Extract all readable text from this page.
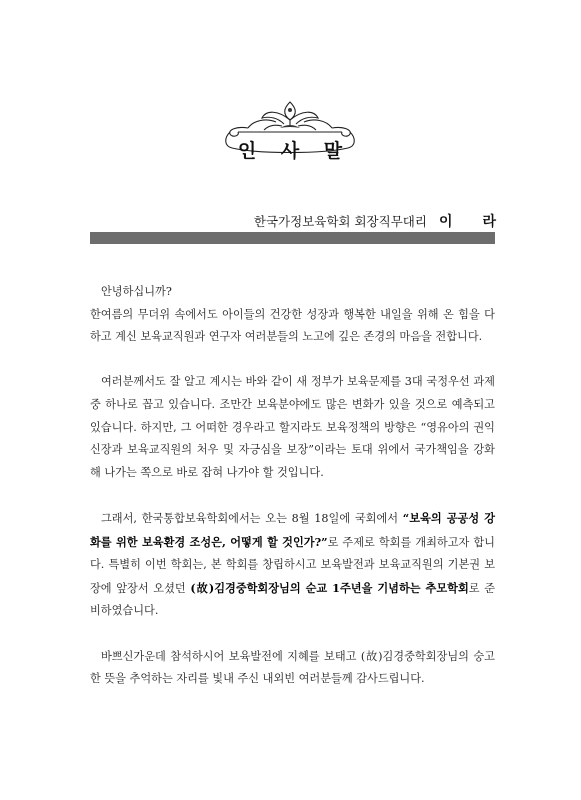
인 사 말
한국가정보육학회 회장직무대리 이 라

안녕하십니까?
한여름의 무더위 속에서도 아이들의 건강한 성장과 행복한 내일을 위해 온 힘을 다하고 계신 보육교직원과 연구자 여러분들의 노고에 깊은 존경의 마음을 전합니다.

여러분께서도 잘 알고 계시는 바와 같이 새 정부가 보육문제를 3대 국정우선 과제 중 하나로 꼽고 있습니다. 조만간 보육분야에도 많은 변화가 있을 것으로 예측되고 있습니다. 하지만, 그 어떠한 경우라고 할지라도 보육정책의 방향은 “영유아의 권익신장과 보육교직원의 처우 및 자긍심을 보장”이라는 토대 위에서 국가책임을 강화해 나가는 쪽으로 바로 잡혀 나가야 할 것입니다.

그래서, 한국통합보육학회에서는 오는 8월 18일에 국회에서 “보육의 공공성 강화를 위한 보육환경 조성은, 어떻게 할 것인가?”로 주제로 학회를 개최하고자 합니다. 특별히 이번 학회는, 본 학회를 창립하시고 보육발전과 보육교직원의 기본권 보장에 앞장서 오셨던 (故)김경중학회장님의 순교 1주년을 기념하는 추모학회로 준비하였습니다.

바쁘신가운데 참석하시어 보육발전에 지혜를 보태고 (故)김경중학회장님의 숭고한 뜻을 추억하는 자리를 빛내 주신 내외빈 여러분들께 감사드립니다.
